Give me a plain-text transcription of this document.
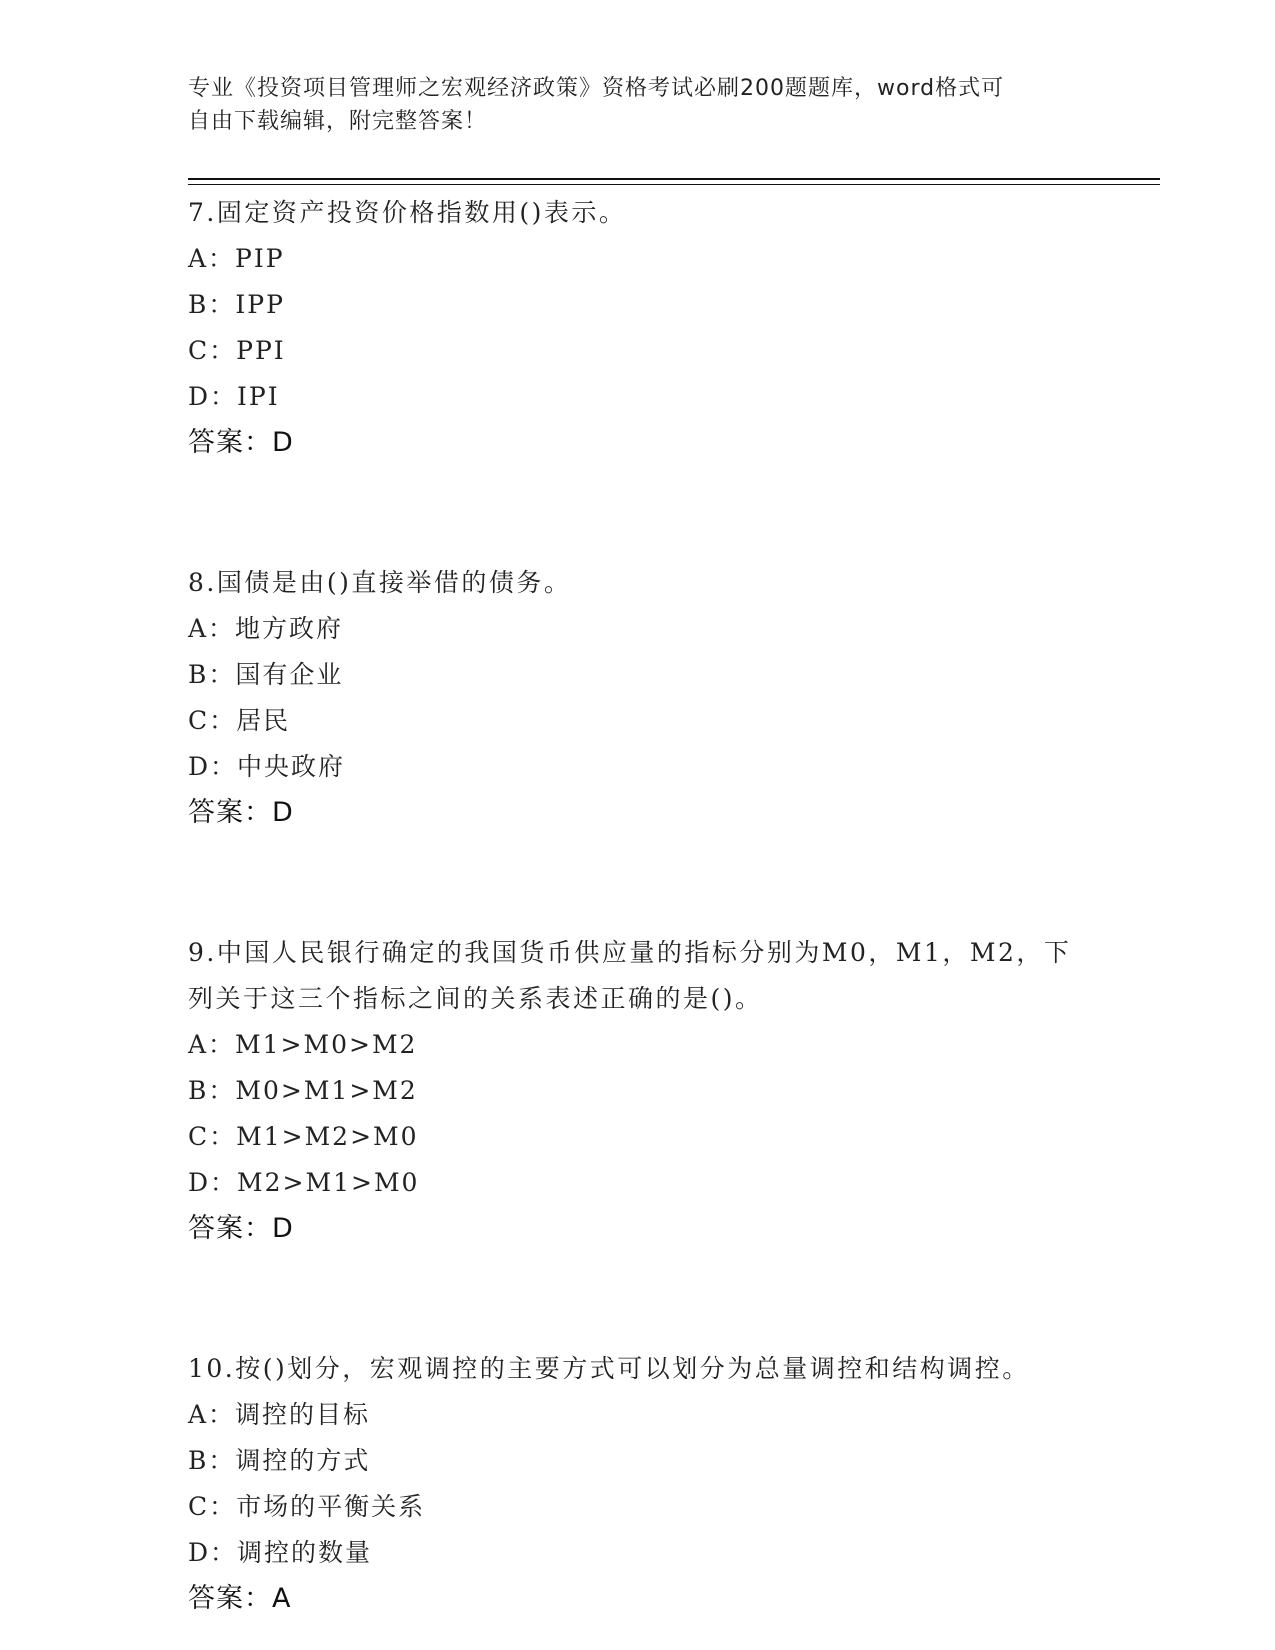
专业《投资项目管理师之宏观经济政策》资格考试必刷200题题库，word格式可
自由下载编辑，附完整答案！
7.固定资产投资价格指数用()表示。
A：PIP
B：IPP
C：PPI
D：IPI
答案：D
8.国债是由()直接举借的债务。
A：地方政府
B：国有企业
C：居民
D：中央政府
答案：D
9.中国人民银行确定的我国货币供应量的指标分别为M0，M1，M2，下列关于这三个指标之间的关系表述正确的是()。
A：M1>M0>M2
B：M0>M1>M2
C：M1>M2>M0
D：M2>M1>M0
答案：D
10.按()划分，宏观调控的主要方式可以划分为总量调控和结构调控。
A：调控的目标
B：调控的方式
C：市场的平衡关系
D：调控的数量
答案：A
